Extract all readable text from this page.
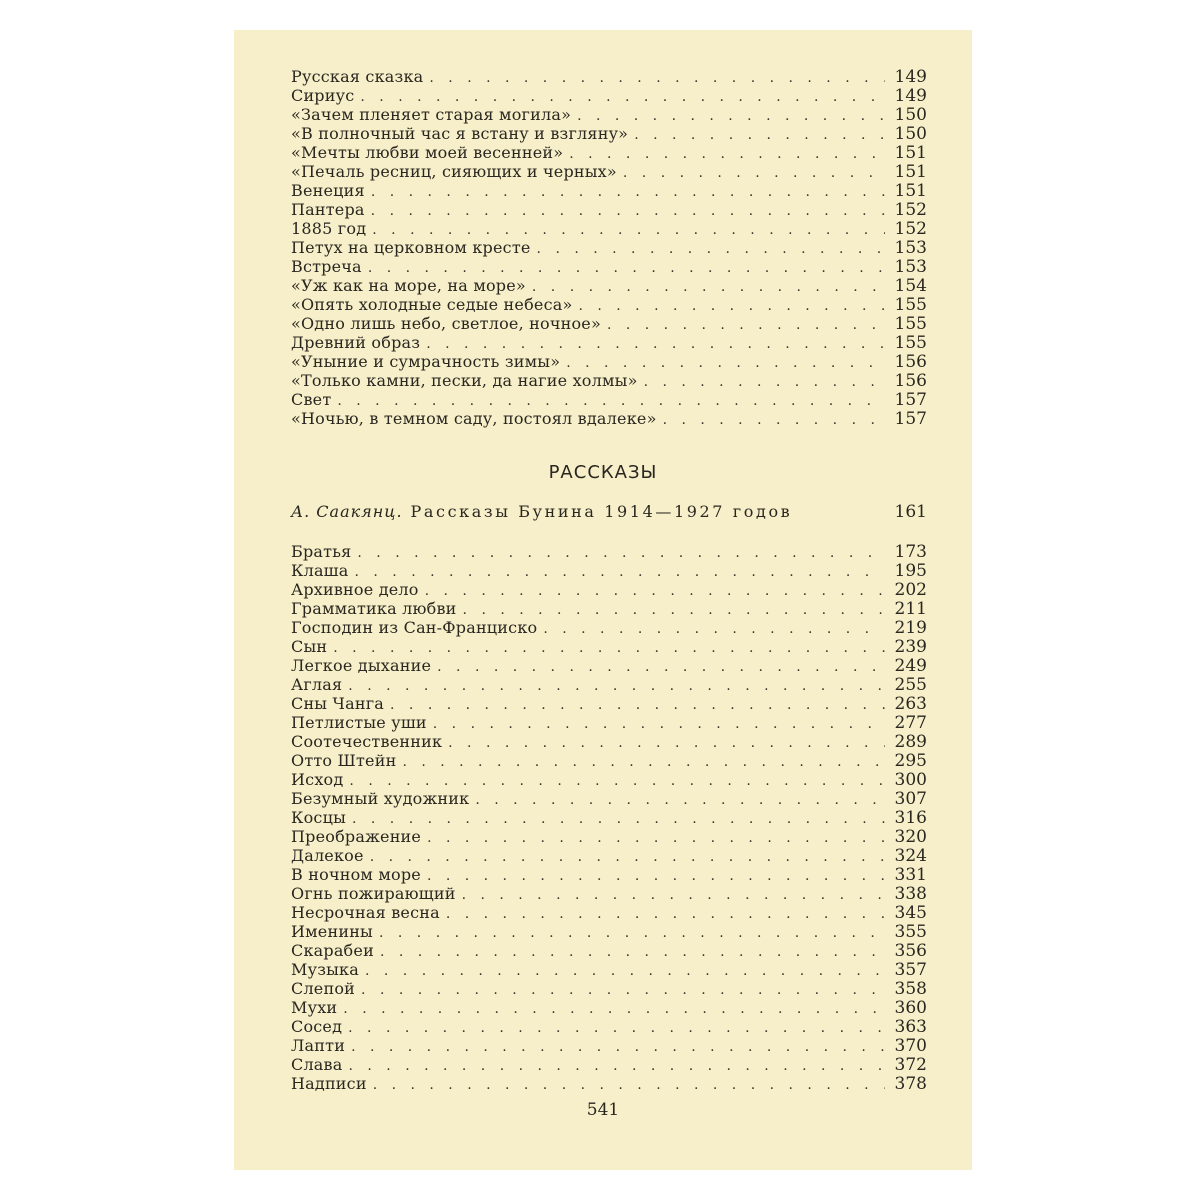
Русская сказка . . .	149
Сириус . . .	149
«Зачем пленяет старая могила» . . .	150
«В полночный час я встану и взгляну» . . .	150
«Мечты любви моей весенней» . . .	151
«Печаль ресниц, сияющих и черных» . . .	151
Венеция . . .	151
Пантера . . .	152
1885 год . . .	152
Петух на церковном кресте . . .	153
Встреча . . .	153
«Уж как на море, на море» . . .	154
«Опять холодные седые небеса» . . .	155
«Одно лишь небо, светлое, ночное» . . .	155
Древний образ . . .	155
«Уныние и сумрачность зимы» . . .	156
«Только камни, пески, да нагие холмы» . . .	156
Свет . . .	157
«Ночью, в темном саду, постоял вдалеке» . . .	157
РАССКАЗЫ
А. Саакянц. Рассказы Бунина 1914—1927 годов	161
Братья . . .	173
Клаша . . .	195
Архивное дело . . .	202
Грамматика любви . . .	211
Господин из Сан-Франциско . . .	219
Сын . . .	239
Легкое дыхание . . .	249
Аглая . . .	255
Сны Чанга . . .	263
Петлистые уши . . .	277
Соотечественник . . .	289
Отто Штейн . . .	295
Исход . . .	300
Безумный художник . . .	307
Косцы . . .	316
Преображение . . .	320
Далекое . . .	324
В ночном море . . .	331
Огнь пожирающий . . .	338
Несрочная весна . . .	345
Именины . . .	355
Скарабеи . . .	356
Музыка . . .	357
Слепой . . .	358
Мухи . . .	360
Сосед . . .	363
Лапти . . .	370
Слава . . .	372
Надписи . . .	378
541
